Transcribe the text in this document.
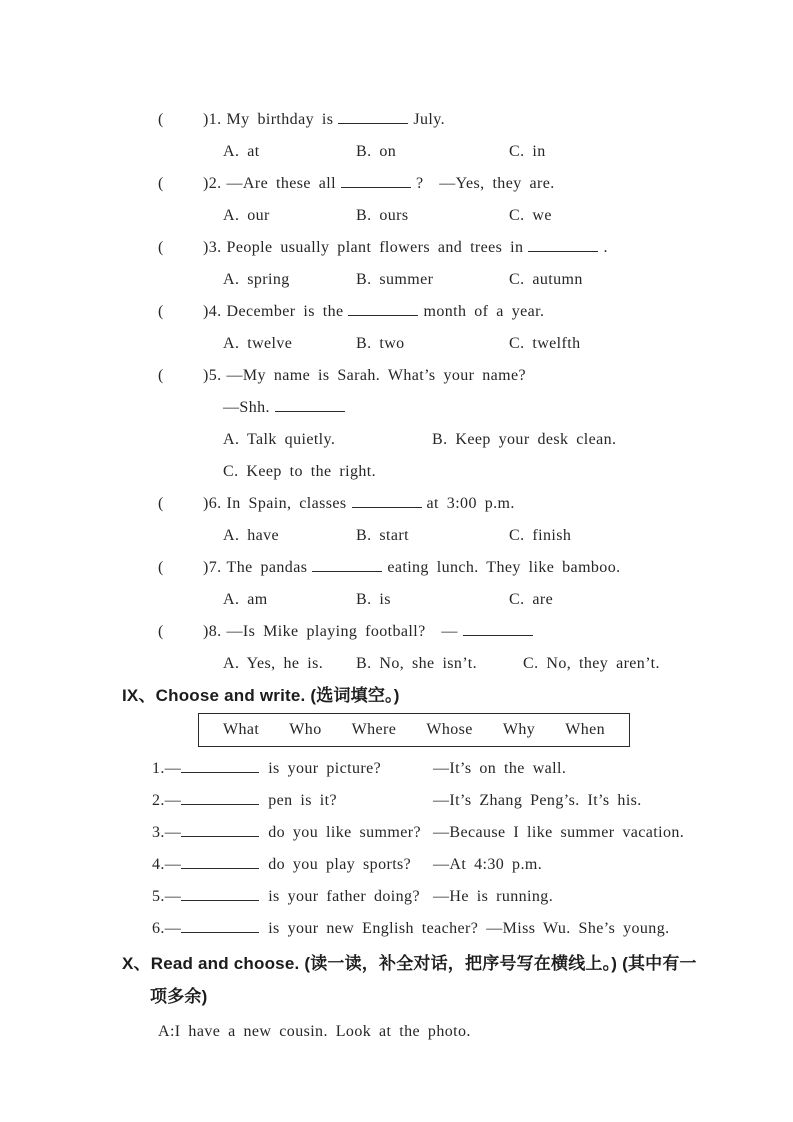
( )1. My birthday is	July.
A. at	B. on	C. in
( )2. —Are these all	?  —Yes, they are.
A. our	B. ours	C. we
( )3. People usually plant flowers and trees in	.
A. spring	B. summer	C. autumn
( )4. December is the	month of a year.
A. twelve	B. two	C. twelfth
( )5. —My name is Sarah. What’s your name?
—Shh.
A. Talk quietly.	B. Keep your desk clean.
C. Keep to the right.
( )6. In Spain, classes	at 3:00 p.m.
A. have	B. start	C. finish
( )7. The pandas	eating lunch. They like bamboo.
A. am	B. is	C. are
( )8. —Is Mike playing football?  —
A. Yes, he is.	B. No, she isn’t.	C. No, they aren’t.
IX、Choose and write. (选词填空。)
What Who Where Whose Why When
1.—	is your picture?	—It’s on the wall.
2.—	pen is it?	—It’s Zhang Peng’s. It’s his.
3.—	do you like summer? —Because I like summer vacation.
4.—	do you play sports?	—At 4:30 p.m.
5.—	is your father doing? —He is running.
6.—	is your new English teacher? —Miss Wu. She’s young.
X、Read and choose. (读一读，补全对话，把序号写在横线上。) (其中有一项多余)
A:I have a new cousin. Look at the photo.
